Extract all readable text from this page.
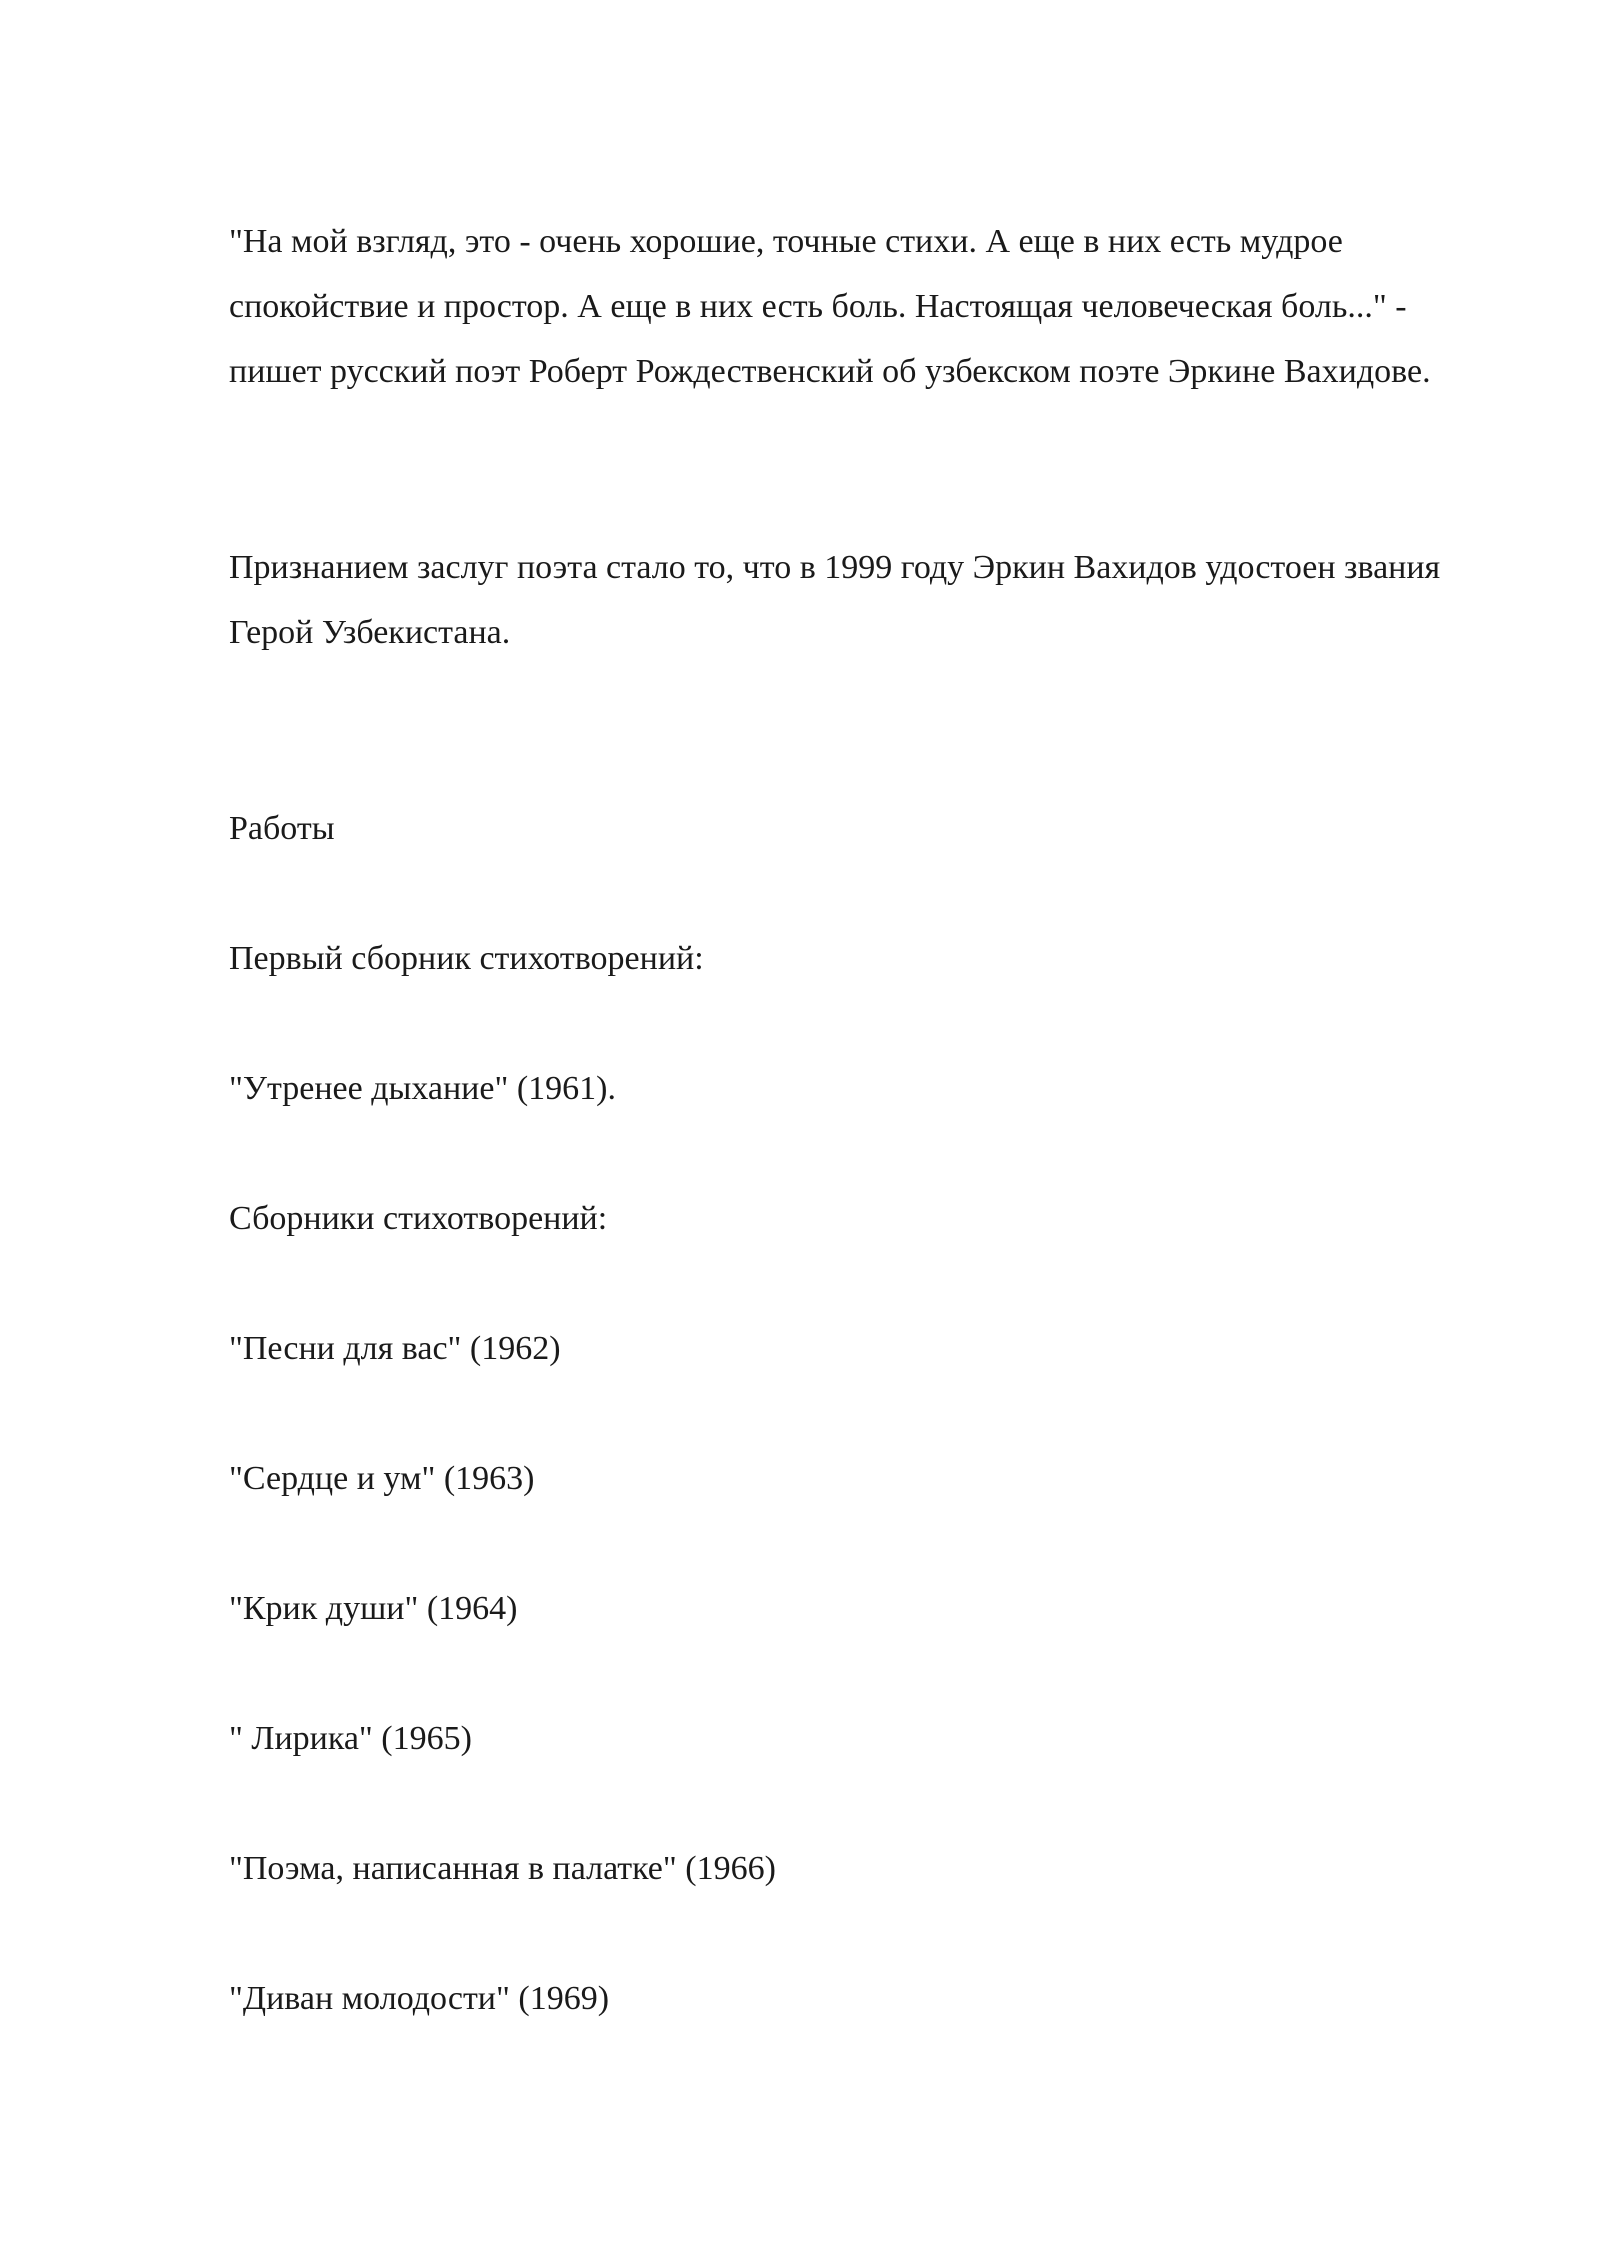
"На мой взгляд, это - очень хорошие, точные стихи. А еще в них есть мудрое спокойствие и простор. А еще в них есть боль. Настоящая человеческая боль..." - пишет русский поэт Роберт Рождественский об узбекском поэте Эркине Вахидове.

Признанием заслуг поэта стало то, что в 1999 году Эркин Вахидов удостоен звания Герой Узбекистана.

Работы

Первый сборник стихотворений:

"Утренее дыхание" (1961).

Сборники стихотворений:

"Песни для вас" (1962)

"Сердце и ум" (1963)

"Крик души" (1964)

" Лирика" (1965)

"Поэма, написанная в палатке" (1966)

"Диван молодости" (1969)
